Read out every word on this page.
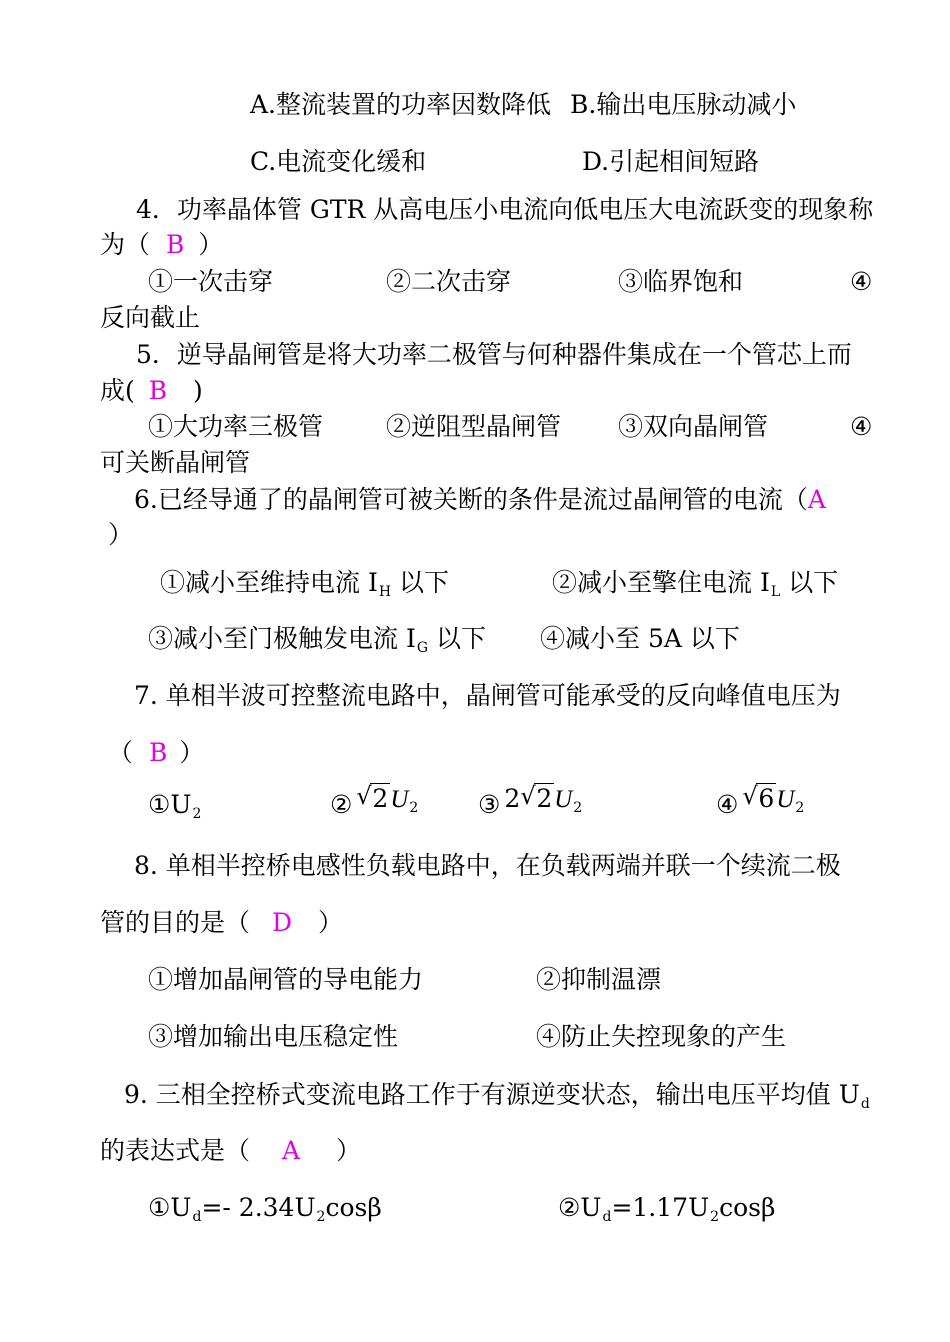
A.整流装置的功率因数降低 B.输出电压脉动减小
C.电流变化缓和	D.引起相间短路
4．功率晶体管 GTR 从高电压小电流向低电压大电流跃变的现象称
为（ B ）
①一次击穿	②二次击穿	③临界饱和	④
反向截止
5．逆导晶闸管是将大功率二极管与何种器件集成在一个管芯上而
成( B )
①大功率三极管	②逆阻型晶闸管 ③双向晶闸管	④
可关断晶闸管
6.已经导通了的晶闸管可被关断的条件是流过晶闸管的电流（A
）
①减小至维持电流 $I_H$ 以下	②减小至擎住电流 $I_L$ 以下
③减小至门极触发电流 $I_G$ 以下 ④减小至 5A 以下
7. 单相半波可控整流电路中，晶闸管可能承受的反向峰值电压为
（ B ）
$①U_2$	② √ $2U_2$ ③ 2 √ $2U_2$	④ √ $6U_2$
8. 单相半控桥电感性负载电路中，在负载两端并联一个续流二极
管的目的是（ D ）
①增加晶闸管的导电能力	②抑制温漂
③增加输出电压稳定性	④防止失控现象的产生
9. 三相全控桥式变流电路工作于有源逆变状态，输出电压平均值 $U_d$
的表达式是（ A ）
$①U_d=-$ $2.34U_2\cos\beta$	$②U_d=1.17U_2\cos\beta$
